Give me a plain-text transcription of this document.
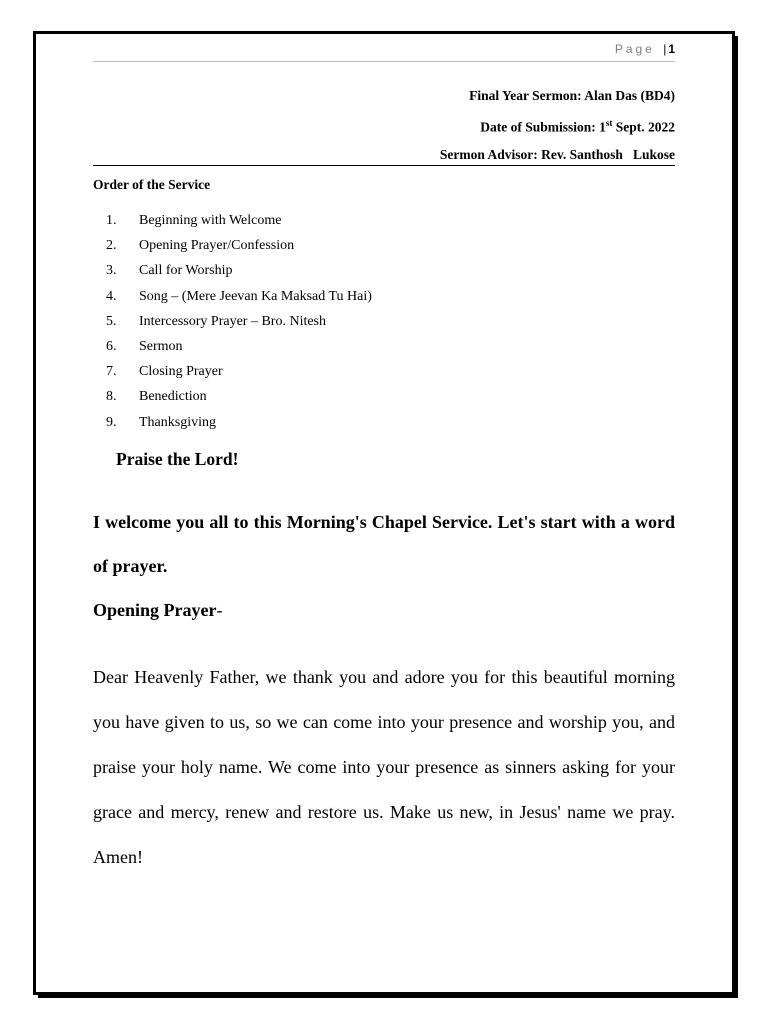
Page | 1
Final Year Sermon: Alan Das (BD4)
Date of Submission: 1st Sept. 2022
Sermon Advisor: Rev. Santhosh   Lukose
Order of the Service
1.	Beginning with Welcome
2.	Opening Prayer/Confession
3.	Call for Worship
4.	Song – (Mere Jeevan Ka Maksad Tu Hai)
5.	Intercessory Prayer – Bro. Nitesh
6.	Sermon
7.	Closing Prayer
8.	Benediction
9.	Thanksgiving
Praise the Lord!
I welcome you all to this Morning's Chapel Service. Let's start with a word of prayer.
Opening Prayer-
Dear Heavenly Father, we thank you and adore you for this beautiful morning you have given to us, so we can come into your presence and worship you, and praise your holy name. We come into your presence as sinners asking for your grace and mercy, renew and restore us. Make us new, in Jesus' name we pray. Amen!
